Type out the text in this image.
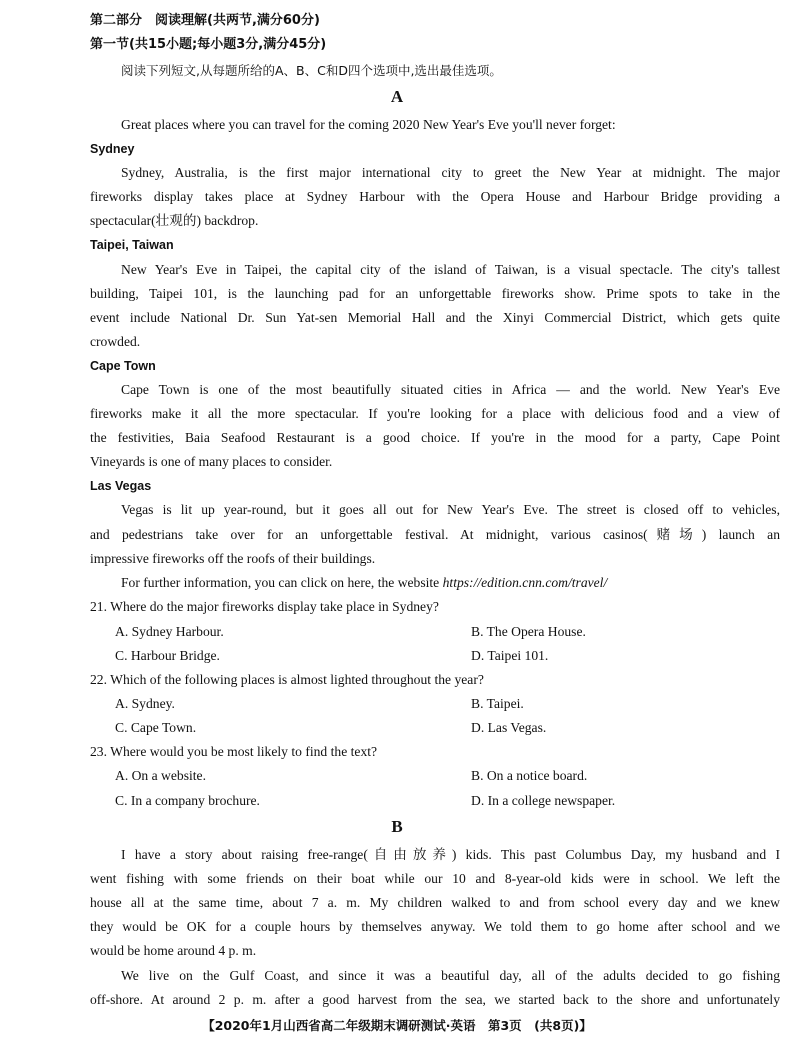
第二部分　阅读理解(共两节,满分60分)
第一节(共15小题;每小题3分,满分45分)
阅读下列短文,从每题所给的A、B、C和D四个选项中,选出最佳选项。
A
Great places where you can travel for the coming 2020 New Year's Eve you'll never forget:
Sydney
Sydney, Australia, is the first major international city to greet the New Year at midnight. The major
fireworks display takes place at Sydney Harbour with the Opera House and Harbour Bridge providing a
spectacular(壮观的) backdrop.
Taipei, Taiwan
New Year's Eve in Taipei, the capital city of the island of Taiwan, is a visual spectacle. The city's tallest
building, Taipei 101, is the launching pad for an unforgettable fireworks show. Prime spots to take in the
event include National Dr. Sun Yat-sen Memorial Hall and the Xinyi Commercial District, which gets quite
crowded.
Cape Town
Cape Town is one of the most beautifully situated cities in Africa — and the world. New Year's Eve
fireworks make it all the more spectacular. If you're looking for a place with delicious food and a view of
the festivities, Baia Seafood Restaurant is a good choice. If you're in the mood for a party, Cape Point
Vineyards is one of many places to consider.
Las Vegas
Vegas is lit up year-round, but it goes all out for New Year's Eve. The street is closed off to vehicles,
and pedestrians take over for an unforgettable festival. At midnight, various casinos(赌场) launch an
impressive fireworks off the roofs of their buildings.
For further information, you can click on here, the website https://edition.cnn.com/travel/
21. Where do the major fireworks display take place in Sydney?
A. Sydney Harbour.	B. The Opera House.
C. Harbour Bridge.	D. Taipei 101.
22. Which of the following places is almost lighted throughout the year?
A. Sydney.	B. Taipei.
C. Cape Town.	D. Las Vegas.
23. Where would you be most likely to find the text?
A. On a website.	B. On a notice board.
C. In a company brochure.	D. In a college newspaper.
B
I have a story about raising free-range(自由放养) kids. This past Columbus Day, my husband and I
went fishing with some friends on their boat while our 10 and 8-year-old kids were in school. We left the
house all at the same time, about 7 a. m. My children walked to and from school every day and we knew
they would be OK for a couple hours by themselves anyway. We told them to go home after school and we
would be home around 4 p. m.
We live on the Gulf Coast, and since it was a beautiful day, all of the adults decided to go fishing
off-shore. At around 2 p. m. after a good harvest from the sea, we started back to the shore and unfortunately
【2020年1月山西省高二年级期末调研测试·英语　第3页　(共8页)】
